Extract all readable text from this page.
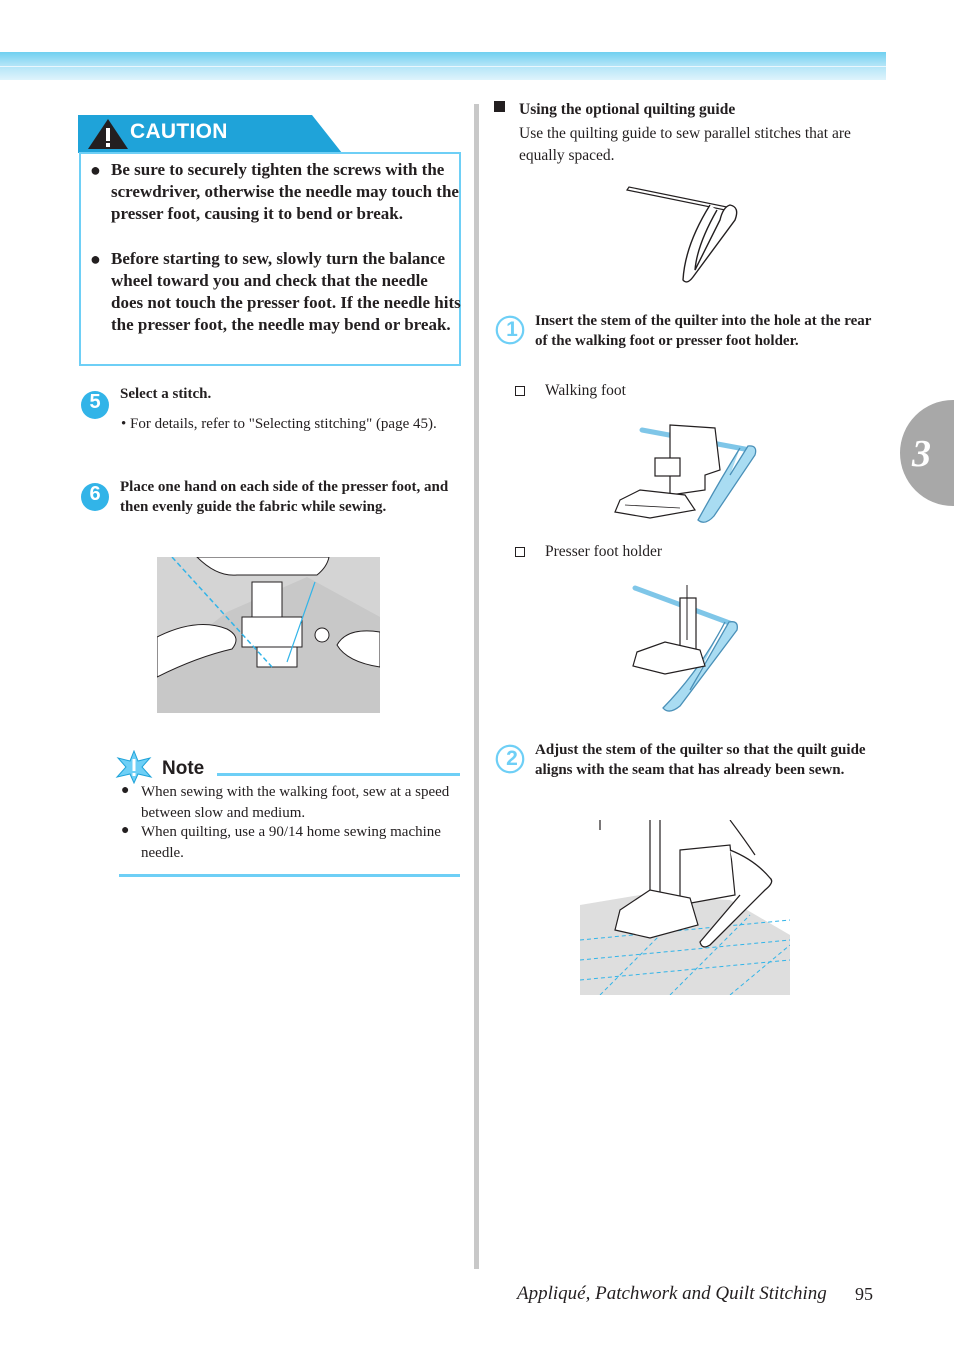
CAUTION
● Be sure to securely tighten the screws with the screwdriver, otherwise the needle may touch the presser foot, causing it to bend or break.
● Before starting to sew, slowly turn the balance wheel toward you and check that the needle does not touch the presser foot. If the needle hits the presser foot, the needle may bend or break.
5	Select a stitch.
• For details, refer to "Selecting stitching" (page 45).
6	Place one hand on each side of the presser foot, and then evenly guide the fabric while sewing.
Note
● When sewing with the walking foot, sew at a speed between slow and medium.
● When quilting, use a 90/14 home sewing machine needle.
Using the optional quilting guide
Use the quilting guide to sew parallel stitches that are equally spaced.
1	Insert the stem of the quilter into the hole at the rear of the walking foot or presser foot holder.
Walking foot
Presser foot holder
2	Adjust the stem of the quilter so that the quilt guide aligns with the seam that has already been sewn.
3
Appliqué, Patchwork and Quilt Stitching 95
